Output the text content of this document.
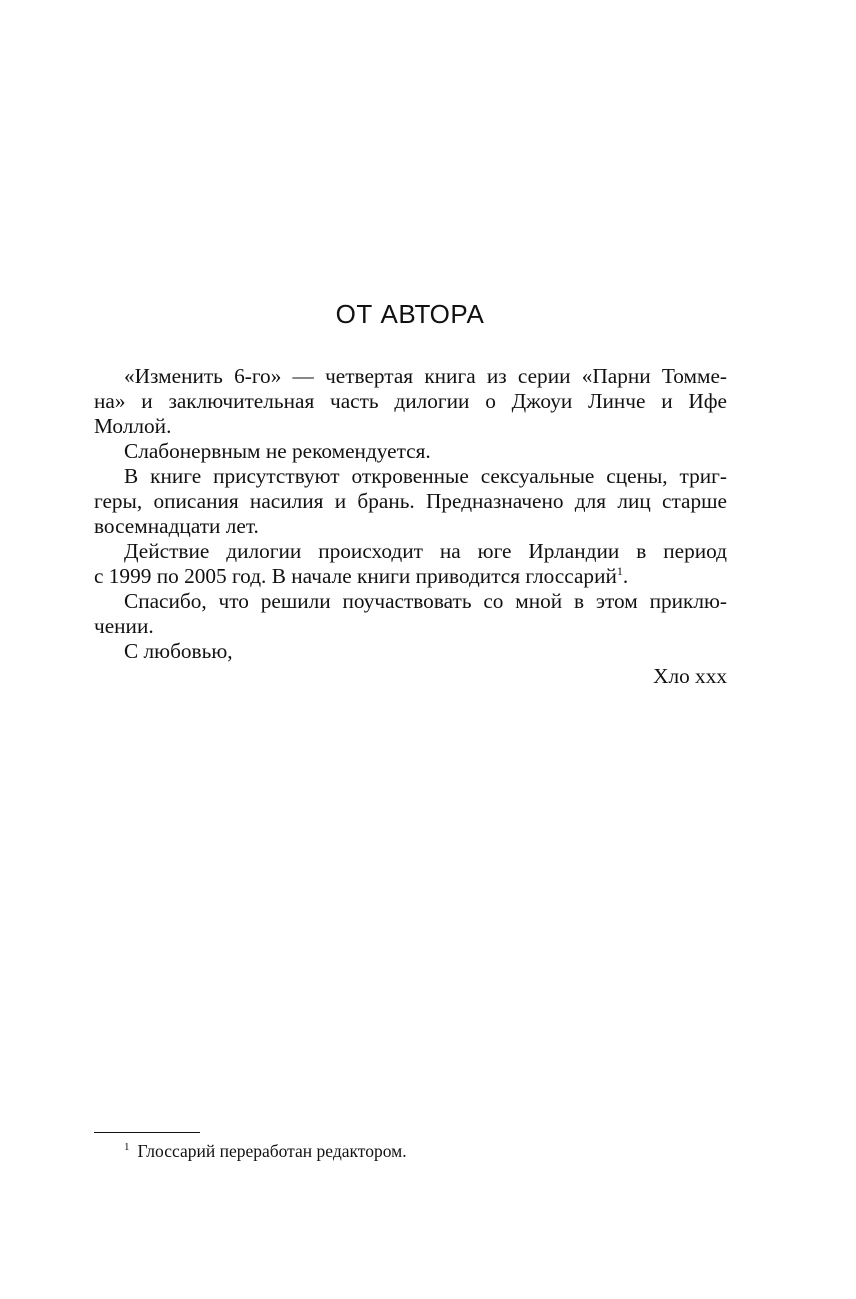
ОТ АВТОРА
«Изменить 6-го» — четвертая книга из серии «Парни Томме-
на» и заключительная часть дилогии о Джоуи Линче и Ифе
Моллой.
Слабонервным не рекомендуется.
В книге присутствуют откровенные сексуальные сцены, триг-
геры, описания насилия и брань. Предназначено для лиц старше
восемнадцати лет.
Действие дилогии происходит на юге Ирландии в период
с 1999 по 2005 год. В начале книги приводится глоссарий$^1$.
Спасибо, что решили поучаствовать со мной в этом приклю-
чении.
С любовью,
Хло ххх
$^1$ Глоссарий переработан редактором.
